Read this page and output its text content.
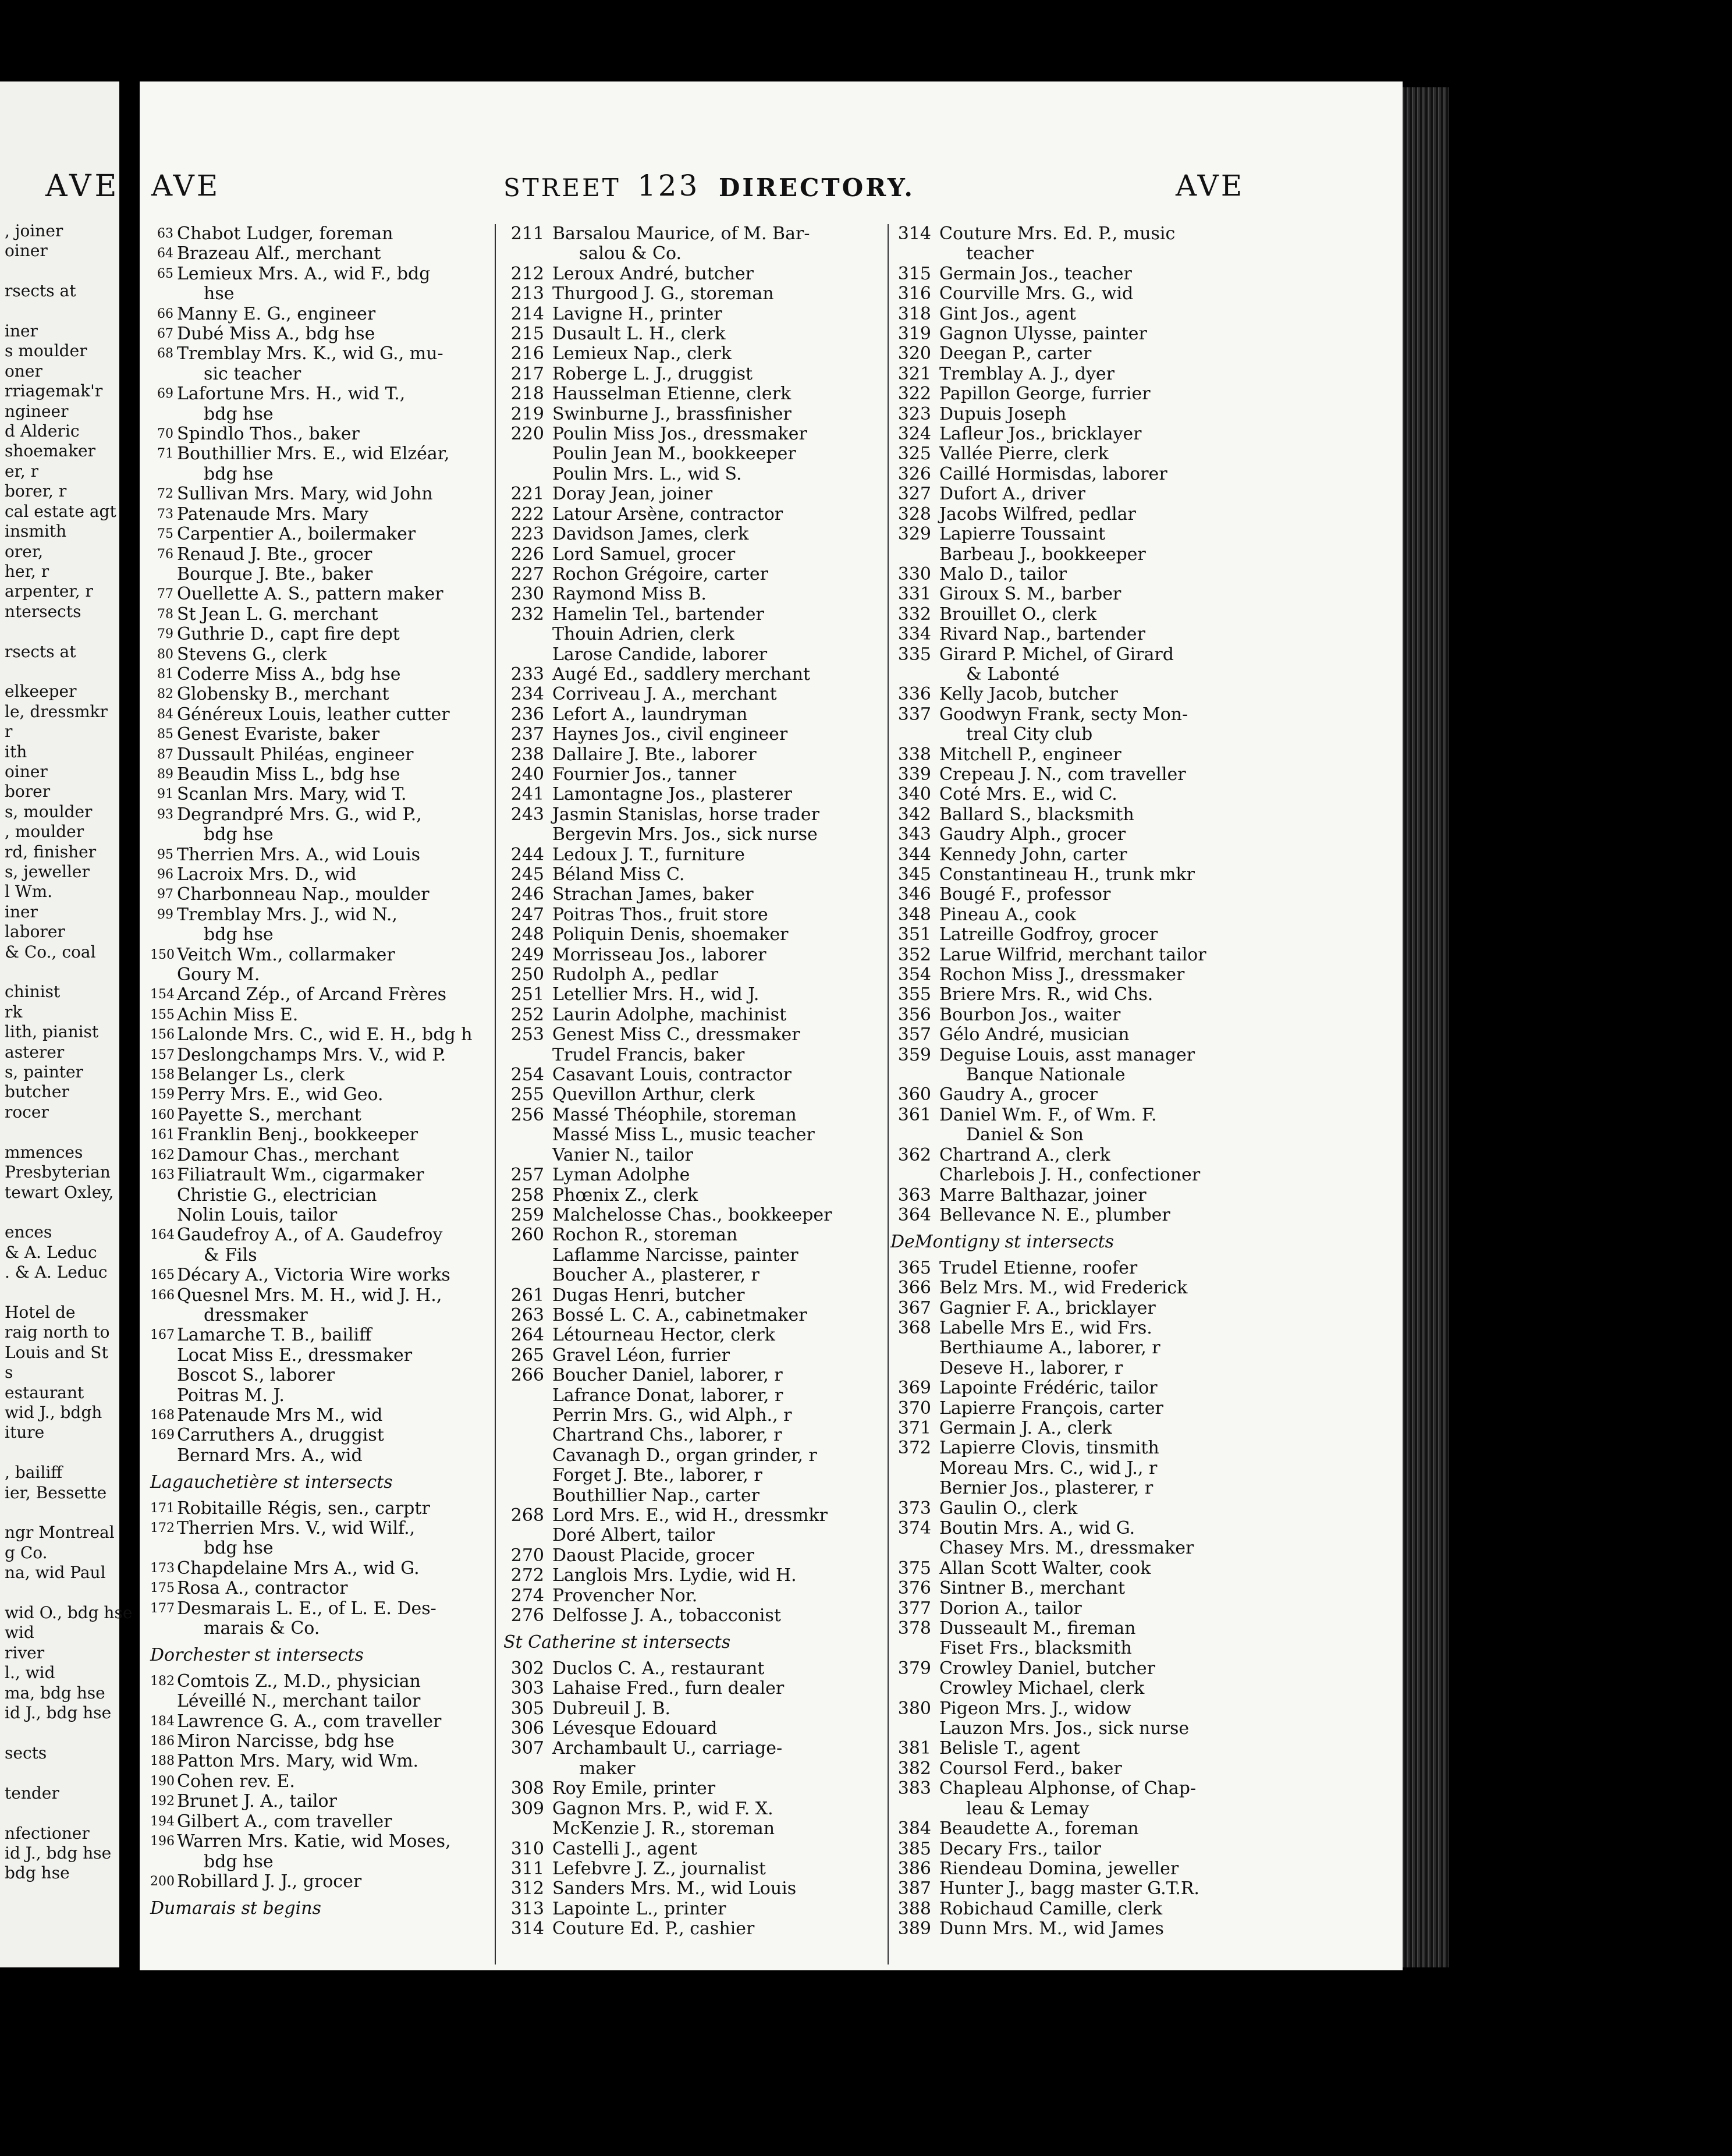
AVE
, joiner
oiner

rsects at

iner
s moulder
oner
rriagemak'r
ngineer
d Alderic
shoemaker
er, r
borer, r
cal estate agt
insmith
orer,
her, r
arpenter, r
ntersects

rsects at

elkeeper
le, dressmkr
r
ith
oiner
borer
s, moulder
, moulder
rd, finisher
s, jeweller
l Wm.
iner
laborer
& Co., coal

chinist
rk
lith, pianist
asterer
s, painter
butcher
rocer

mmences
Presbyterian
tewart Oxley,

ences
& A. Leduc
. & A. Leduc

Hotel de
raig north to
Louis and St
s
estaurant
wid J., bdgh
iture

, bailiff
ier, Bessette

ngr Montreal
g Co.
na, wid Paul

wid O., bdg hse
wid
river
l., wid
ma, bdg hse
id J., bdg hse

sects

tender

nfectioner
id J., bdg hse
bdg hse
AVE	STREET 123 DIRECTORY.	AVE
63 Chabot Ludger, foreman
64 Brazeau Alf., merchant
65 Lemieux Mrs. A., wid F., bdg
hse
66 Manny E. G., engineer
67 Dubé Miss A., bdg hse
68 Tremblay Mrs. K., wid G., mu-
sic teacher
69 Lafortune Mrs. H., wid T.,
bdg hse
70 Spindlo Thos., baker
71 Bouthillier Mrs. E., wid Elzéar,
bdg hse
72 Sullivan Mrs. Mary, wid John
73 Patenaude Mrs. Mary
75 Carpentier A., boilermaker
76 Renaud J. Bte., grocer
Bourque J. Bte., baker
77 Ouellette A. S., pattern maker
78 St Jean L. G. merchant
79 Guthrie D., capt fire dept
80 Stevens G., clerk
81 Coderre Miss A., bdg hse
82 Globensky B., merchant
84 Généreux Louis, leather cutter
85 Genest Evariste, baker
87 Dussault Philéas, engineer
89 Beaudin Miss L., bdg hse
91 Scanlan Mrs. Mary, wid T.
93 Degrandpré Mrs. G., wid P.,
bdg hse
95 Therrien Mrs. A., wid Louis
96 Lacroix Mrs. D., wid
97 Charbonneau Nap., moulder
99 Tremblay Mrs. J., wid N.,
bdg hse
150 Veitch Wm., collarmaker
Goury M.
154 Arcand Zép., of Arcand Frères
155 Achin Miss E.
156 Lalonde Mrs. C., wid E. H., bdg h
157 Deslongchamps Mrs. V., wid P.
158 Belanger Ls., clerk
159 Perry Mrs. E., wid Geo.
160 Payette S., merchant
161 Franklin Benj., bookkeeper
162 Damour Chas., merchant
163 Filiatrault Wm., cigarmaker
Christie G., electrician
Nolin Louis, tailor
164 Gaudefroy A., of A. Gaudefroy
& Fils
165 Décary A., Victoria Wire works
166 Quesnel Mrs. M. H., wid J. H.,
dressmaker
167 Lamarche T. B., bailiff
Locat Miss E., dressmaker
Boscot S., laborer
Poitras M. J.
168 Patenaude Mrs M., wid
169 Carruthers A., druggist
Bernard Mrs. A., wid
Lagauchetière st intersects
171 Robitaille Régis, sen., carptr
172 Therrien Mrs. V., wid Wilf.,
bdg hse
173 Chapdelaine Mrs A., wid G.
175 Rosa A., contractor
177 Desmarais L. E., of L. E. Des-
marais & Co.
Dorchester st intersects
182 Comtois Z., M.D., physician
Léveillé N., merchant tailor
184 Lawrence G. A., com traveller
186 Miron Narcisse, bdg hse
188 Patton Mrs. Mary, wid Wm.
190 Cohen rev. E.
192 Brunet J. A., tailor
194 Gilbert A., com traveller
196 Warren Mrs. Katie, wid Moses,
bdg hse
200 Robillard J. J., grocer
Dumarais st begins
211 Barsalou Maurice, of M. Bar-
salou & Co.
212 Leroux André, butcher
213 Thurgood J. G., storeman
214 Lavigne H., printer
215 Dusault L. H., clerk
216 Lemieux Nap., clerk
217 Roberge L. J., druggist
218 Hausselman Etienne, clerk
219 Swinburne J., brassfinisher
220 Poulin Miss Jos., dressmaker
Poulin Jean M., bookkeeper
Poulin Mrs. L., wid S.
221 Doray Jean, joiner
222 Latour Arsène, contractor
223 Davidson James, clerk
226 Lord Samuel, grocer
227 Rochon Grégoire, carter
230 Raymond Miss B.
232 Hamelin Tel., bartender
Thouin Adrien, clerk
Larose Candide, laborer
233 Augé Ed., saddlery merchant
234 Corriveau J. A., merchant
236 Lefort A., laundryman
237 Haynes Jos., civil engineer
238 Dallaire J. Bte., laborer
240 Fournier Jos., tanner
241 Lamontagne Jos., plasterer
243 Jasmin Stanislas, horse trader
Bergevin Mrs. Jos., sick nurse
244 Ledoux J. T., furniture
245 Béland Miss C.
246 Strachan James, baker
247 Poitras Thos., fruit store
248 Poliquin Denis, shoemaker
249 Morrisseau Jos., laborer
250 Rudolph A., pedlar
251 Letellier Mrs. H., wid J.
252 Laurin Adolphe, machinist
253 Genest Miss C., dressmaker
Trudel Francis, baker
254 Casavant Louis, contractor
255 Quevillon Arthur, clerk
256 Massé Théophile, storeman
Massé Miss L., music teacher
Vanier N., tailor
257 Lyman Adolphe
258 Phœnix Z., clerk
259 Malchelosse Chas., bookkeeper
260 Rochon R., storeman
Laflamme Narcisse, painter
Boucher A., plasterer, r
261 Dugas Henri, butcher
263 Bossé L. C. A., cabinetmaker
264 Létourneau Hector, clerk
265 Gravel Léon, furrier
266 Boucher Daniel, laborer, r
Lafrance Donat, laborer, r
Perrin Mrs. G., wid Alph., r
Chartrand Chs., laborer, r
Cavanagh D., organ grinder, r
Forget J. Bte., laborer, r
Bouthillier Nap., carter
268 Lord Mrs. E., wid H., dressmkr
Doré Albert, tailor
270 Daoust Placide, grocer
272 Langlois Mrs. Lydie, wid H.
274 Provencher Nor.
276 Delfosse J. A., tobacconist
St Catherine st intersects
302 Duclos C. A., restaurant
303 Lahaise Fred., furn dealer
305 Dubreuil J. B.
306 Lévesque Edouard
307 Archambault U., carriage-
maker
308 Roy Emile, printer
309 Gagnon Mrs. P., wid F. X.
McKenzie J. R., storeman
310 Castelli J., agent
311 Lefebvre J. Z., journalist
312 Sanders Mrs. M., wid Louis
313 Lapointe L., printer
314 Couture Ed. P., cashier
314 Couture Mrs. Ed. P., music
teacher
315 Germain Jos., teacher
316 Courville Mrs. G., wid
318 Gint Jos., agent
319 Gagnon Ulysse, painter
320 Deegan P., carter
321 Tremblay A. J., dyer
322 Papillon George, furrier
323 Dupuis Joseph
324 Lafleur Jos., bricklayer
325 Vallée Pierre, clerk
326 Caillé Hormisdas, laborer
327 Dufort A., driver
328 Jacobs Wilfred, pedlar
329 Lapierre Toussaint
Barbeau J., bookkeeper
330 Malo D., tailor
331 Giroux S. M., barber
332 Brouillet O., clerk
334 Rivard Nap., bartender
335 Girard P. Michel, of Girard
& Labonté
336 Kelly Jacob, butcher
337 Goodwyn Frank, secty Mon-
treal City club
338 Mitchell P., engineer
339 Crepeau J. N., com traveller
340 Coté Mrs. E., wid C.
342 Ballard S., blacksmith
343 Gaudry Alph., grocer
344 Kennedy John, carter
345 Constantineau H., trunk mkr
346 Bougé F., professor
348 Pineau A., cook
351 Latreille Godfroy, grocer
352 Larue Wilfrid, merchant tailor
354 Rochon Miss J., dressmaker
355 Briere Mrs. R., wid Chs.
356 Bourbon Jos., waiter
357 Gélo André, musician
359 Deguise Louis, asst manager
Banque Nationale
360 Gaudry A., grocer
361 Daniel Wm. F., of Wm. F.
Daniel & Son
362 Chartrand A., clerk
Charlebois J. H., confectioner
363 Marre Balthazar, joiner
364 Bellevance N. E., plumber
DeMontigny st intersects
365 Trudel Etienne, roofer
366 Belz Mrs. M., wid Frederick
367 Gagnier F. A., bricklayer
368 Labelle Mrs E., wid Frs.
Berthiaume A., laborer, r
Deseve H., laborer, r
369 Lapointe Frédéric, tailor
370 Lapierre François, carter
371 Germain J. A., clerk
372 Lapierre Clovis, tinsmith
Moreau Mrs. C., wid J., r
Bernier Jos., plasterer, r
373 Gaulin O., clerk
374 Boutin Mrs. A., wid G.
Chasey Mrs. M., dressmaker
375 Allan Scott Walter, cook
376 Sintner B., merchant
377 Dorion A., tailor
378 Dusseault M., fireman
Fiset Frs., blacksmith
379 Crowley Daniel, butcher
Crowley Michael, clerk
380 Pigeon Mrs. J., widow
Lauzon Mrs. Jos., sick nurse
381 Belisle T., agent
382 Coursol Ferd., baker
383 Chapleau Alphonse, of Chap-
leau & Lemay
384 Beaudette A., foreman
385 Decary Frs., tailor
386 Riendeau Domina, jeweller
387 Hunter J., bagg master G.T.R.
388 Robichaud Camille, clerk
389 Dunn Mrs. M., wid James
